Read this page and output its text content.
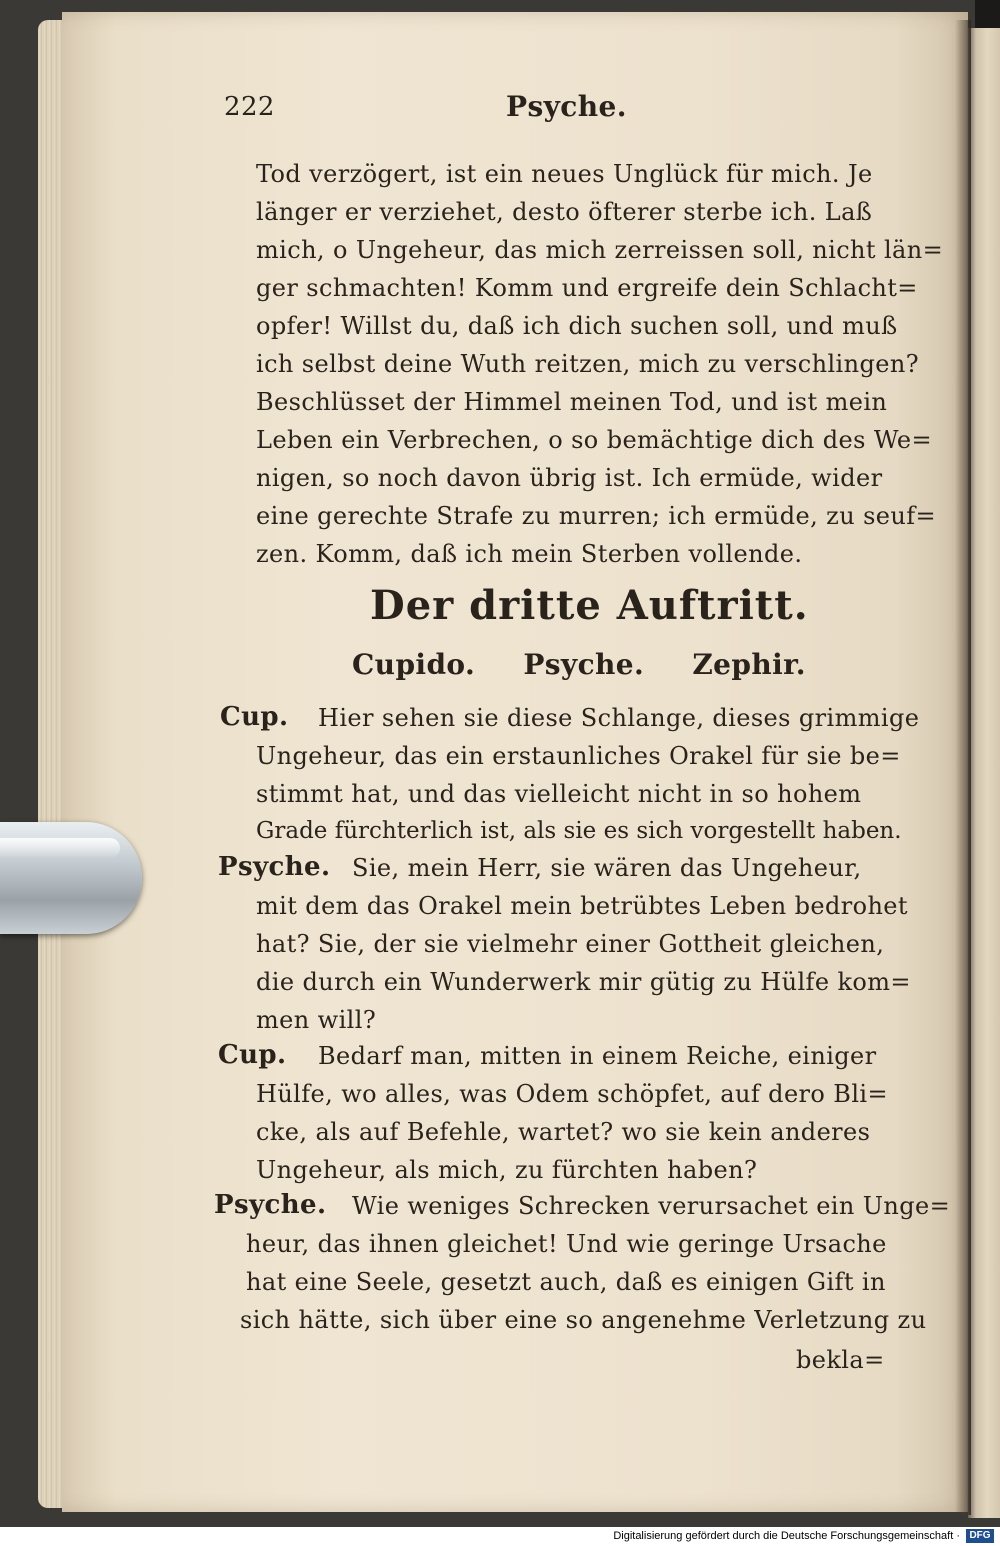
222	Psyche.
Tod verzögert, ist ein neues Unglück für mich. Je
länger er verziehet, desto öfterer sterbe ich. Laß
mich, o Ungeheur, das mich zerreissen soll, nicht län=
ger schmachten! Komm und ergreife dein Schlacht=
opfer! Willst du, daß ich dich suchen soll, und muß
ich selbst deine Wuth reitzen, mich zu verschlingen?
Beschlüsset der Himmel meinen Tod, und ist mein
Leben ein Verbrechen, o so bemächtige dich des We=
nigen, so noch davon übrig ist. Ich ermüde, wider
eine gerechte Strafe zu murren; ich ermüde, zu seuf=
zen. Komm, daß ich mein Sterben vollende.
Der dritte Auftritt.
Cupido. Psyche. Zephir.
Cup. Hier sehen sie diese Schlange, dieses grimmige
Ungeheur, das ein erstaunliches Orakel für sie be=
stimmt hat, und das vielleicht nicht in so hohem
Grade fürchterlich ist, als sie es sich vorgestellt haben.
Psyche. Sie, mein Herr, sie wären das Ungeheur,
mit dem das Orakel mein betrübtes Leben bedrohet
hat? Sie, der sie vielmehr einer Gottheit gleichen,
die durch ein Wunderwerk mir gütig zu Hülfe kom=
men will?
Cup. Bedarf man, mitten in einem Reiche, einiger
Hülfe, wo alles, was Odem schöpfet, auf dero Bli=
cke, als auf Befehle, wartet? wo sie kein anderes
Ungeheur, als mich, zu fürchten haben?
Psyche. Wie weniges Schrecken verursachet ein Unge=
heur, das ihnen gleichet! Und wie geringe Ursache
hat eine Seele, gesetzt auch, daß es einigen Gift in
sich hätte, sich über eine so angenehme Verletzung zu
bekla=
Digitalisierung gefördert durch die Deutsche Forschungsgemeinschaft · DFG
